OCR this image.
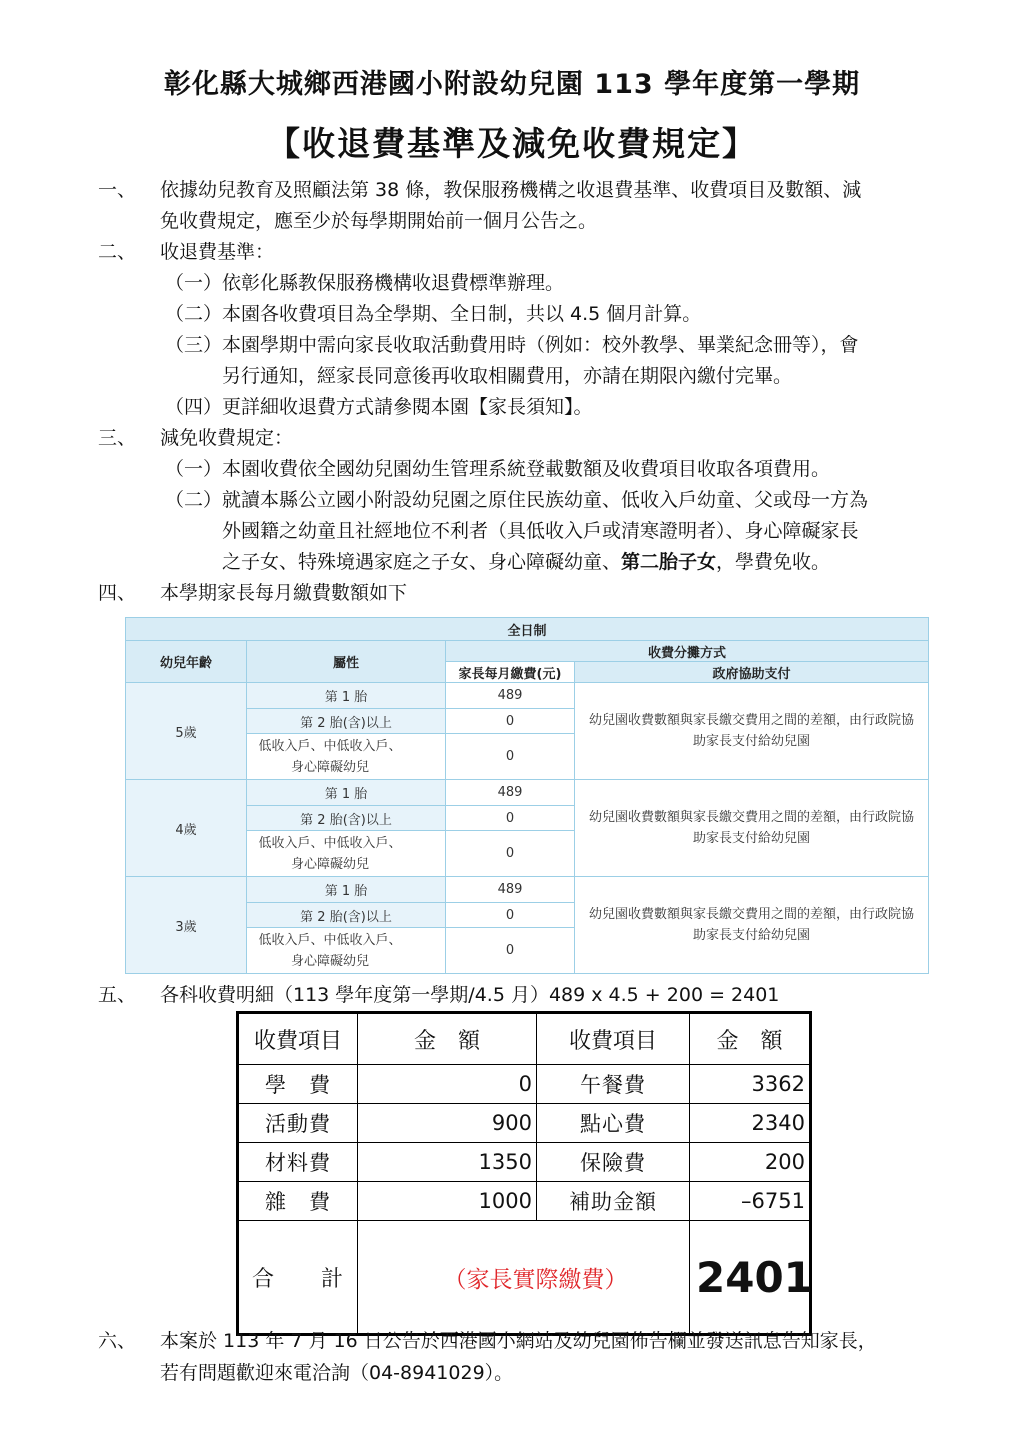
彰化縣大城鄉西港國小附設幼兒園 113 學年度第一學期
【收退費基準及減免收費規定】
一、 依據幼兒教育及照顧法第 38 條，教保服務機構之收退費基準、收費項目及數額、減
免收費規定，應至少於每學期開始前一個月公告之。
二、 收退費基準：
（一）依彰化縣教保服務機構收退費標準辦理。
（二）本園各收費項目為全學期、全日制，共以 4.5 個月計算。
（三）本園學期中需向家長收取活動費用時（例如：校外教學、畢業紀念冊等），會
另行通知，經家長同意後再收取相關費用，亦請在期限內繳付完畢。
（四）更詳細收退費方式請參閱本園【家長須知】。
三、 減免收費規定：
（一）本園收費依全國幼兒園幼生管理系統登載數額及收費項目收取各項費用。
（二）就讀本縣公立國小附設幼兒園之原住民族幼童、低收入戶幼童、父或母一方為
外國籍之幼童且社經地位不利者（具低收入戶或清寒證明者）、身心障礙家長
之子女、特殊境遇家庭之子女、身心障礙幼童、第二胎子女，學費免收。
四、 本學期家長每月繳費數額如下
全日制			
幼兒年齡	屬性	收費分攤方式	
		家長每月繳費(元)	政府協助支付
5歲	第 1 胎	489	幼兒園收費數額與家長繳交費用之間的差額，由行政院協助家長支付給幼兒園
	第 2 胎(含)以上	0	
	低收入戶、中低收入戶、身心障礙幼兒	0	
4歲	第 1 胎	489	幼兒園收費數額與家長繳交費用之間的差額，由行政院協助家長支付給幼兒園
	第 2 胎(含)以上	0	
	低收入戶、中低收入戶、身心障礙幼兒	0	
3歲	第 1 胎	489	幼兒園收費數額與家長繳交費用之間的差額，由行政院協助家長支付給幼兒園
	第 2 胎(含)以上	0	
	低收入戶、中低收入戶、身心障礙幼兒	0	
五、 各科收費明細（113 學年度第一學期/4.5 月）489 x 4.5 + 200 = 2401
收費項目	金　額	收費項目	金　額
學　費	0	午餐費	3362
活動費	900	點心費	2340
材料費	1350	保險費	200
雜　費	1000	補助金額	–6751
合　　計	（家長實際繳費）		2401
六、 本案於 113 年 7 月 16 日公告於西港國小網站及幼兒園佈告欄並發送訊息告知家長，
若有問題歡迎來電洽詢（04-8941029）。
